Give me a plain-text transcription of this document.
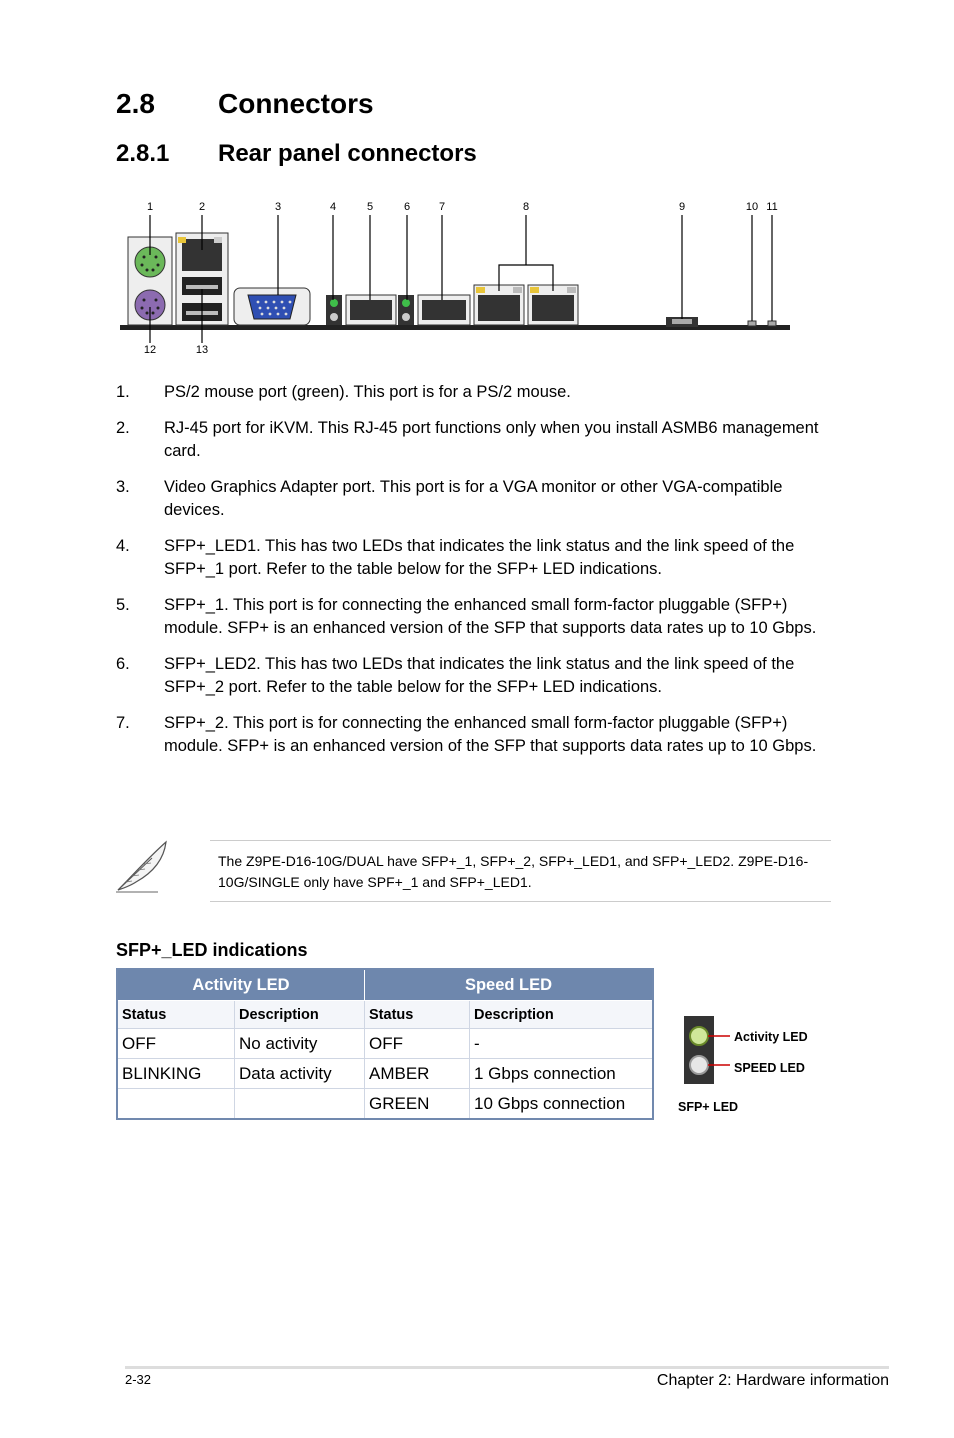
2.8 Connectors
2.8.1 Rear panel connectors
1	2	3	4	5	6	7	8	9	10 11
12	13
1.	PS/2 mouse port (green). This port is for a PS/2 mouse.
2.	RJ-45 port for iKVM. This RJ-45 port functions only when you install ASMB6 management card.
3.	Video Graphics Adapter port. This port is for a VGA monitor or other VGA-compatible devices.
4.	SFP+_LED1. This has two LEDs that indicates the link status and the link speed of the SFP+_1 port. Refer to the table below for the SFP+ LED indications.
5.	SFP+_1. This port is for connecting the enhanced small form-factor pluggable (SFP+) module. SFP+ is an enhanced version of the SFP that supports data rates up to 10 Gbps.
6.	SFP+_LED2. This has two LEDs that indicates the link status and the link speed of the SFP+_2 port. Refer to the table below for the SFP+ LED indications.
7.	SFP+_2. This port is for connecting the enhanced small form-factor pluggable (SFP+) module. SFP+ is an enhanced version of the SFP that supports data rates up to 10 Gbps.
The Z9PE-D16-10G/DUAL have SFP+_1, SFP+_2, SFP+_LED1, and SFP+_LED2. Z9PE-D16-10G/SINGLE only have SPF+_1 and SFP+_LED1.
SFP+_LED indications
Activity LED		Speed LED	
Status	Description	Status	Description
OFF	No activity	OFF	-
BLINKING	Data activity	AMBER	1 Gbps connection
		GREEN	10 Gbps connection
Activity LED
SPEED LED
SFP+ LED
2-32	Chapter 2: Hardware information
